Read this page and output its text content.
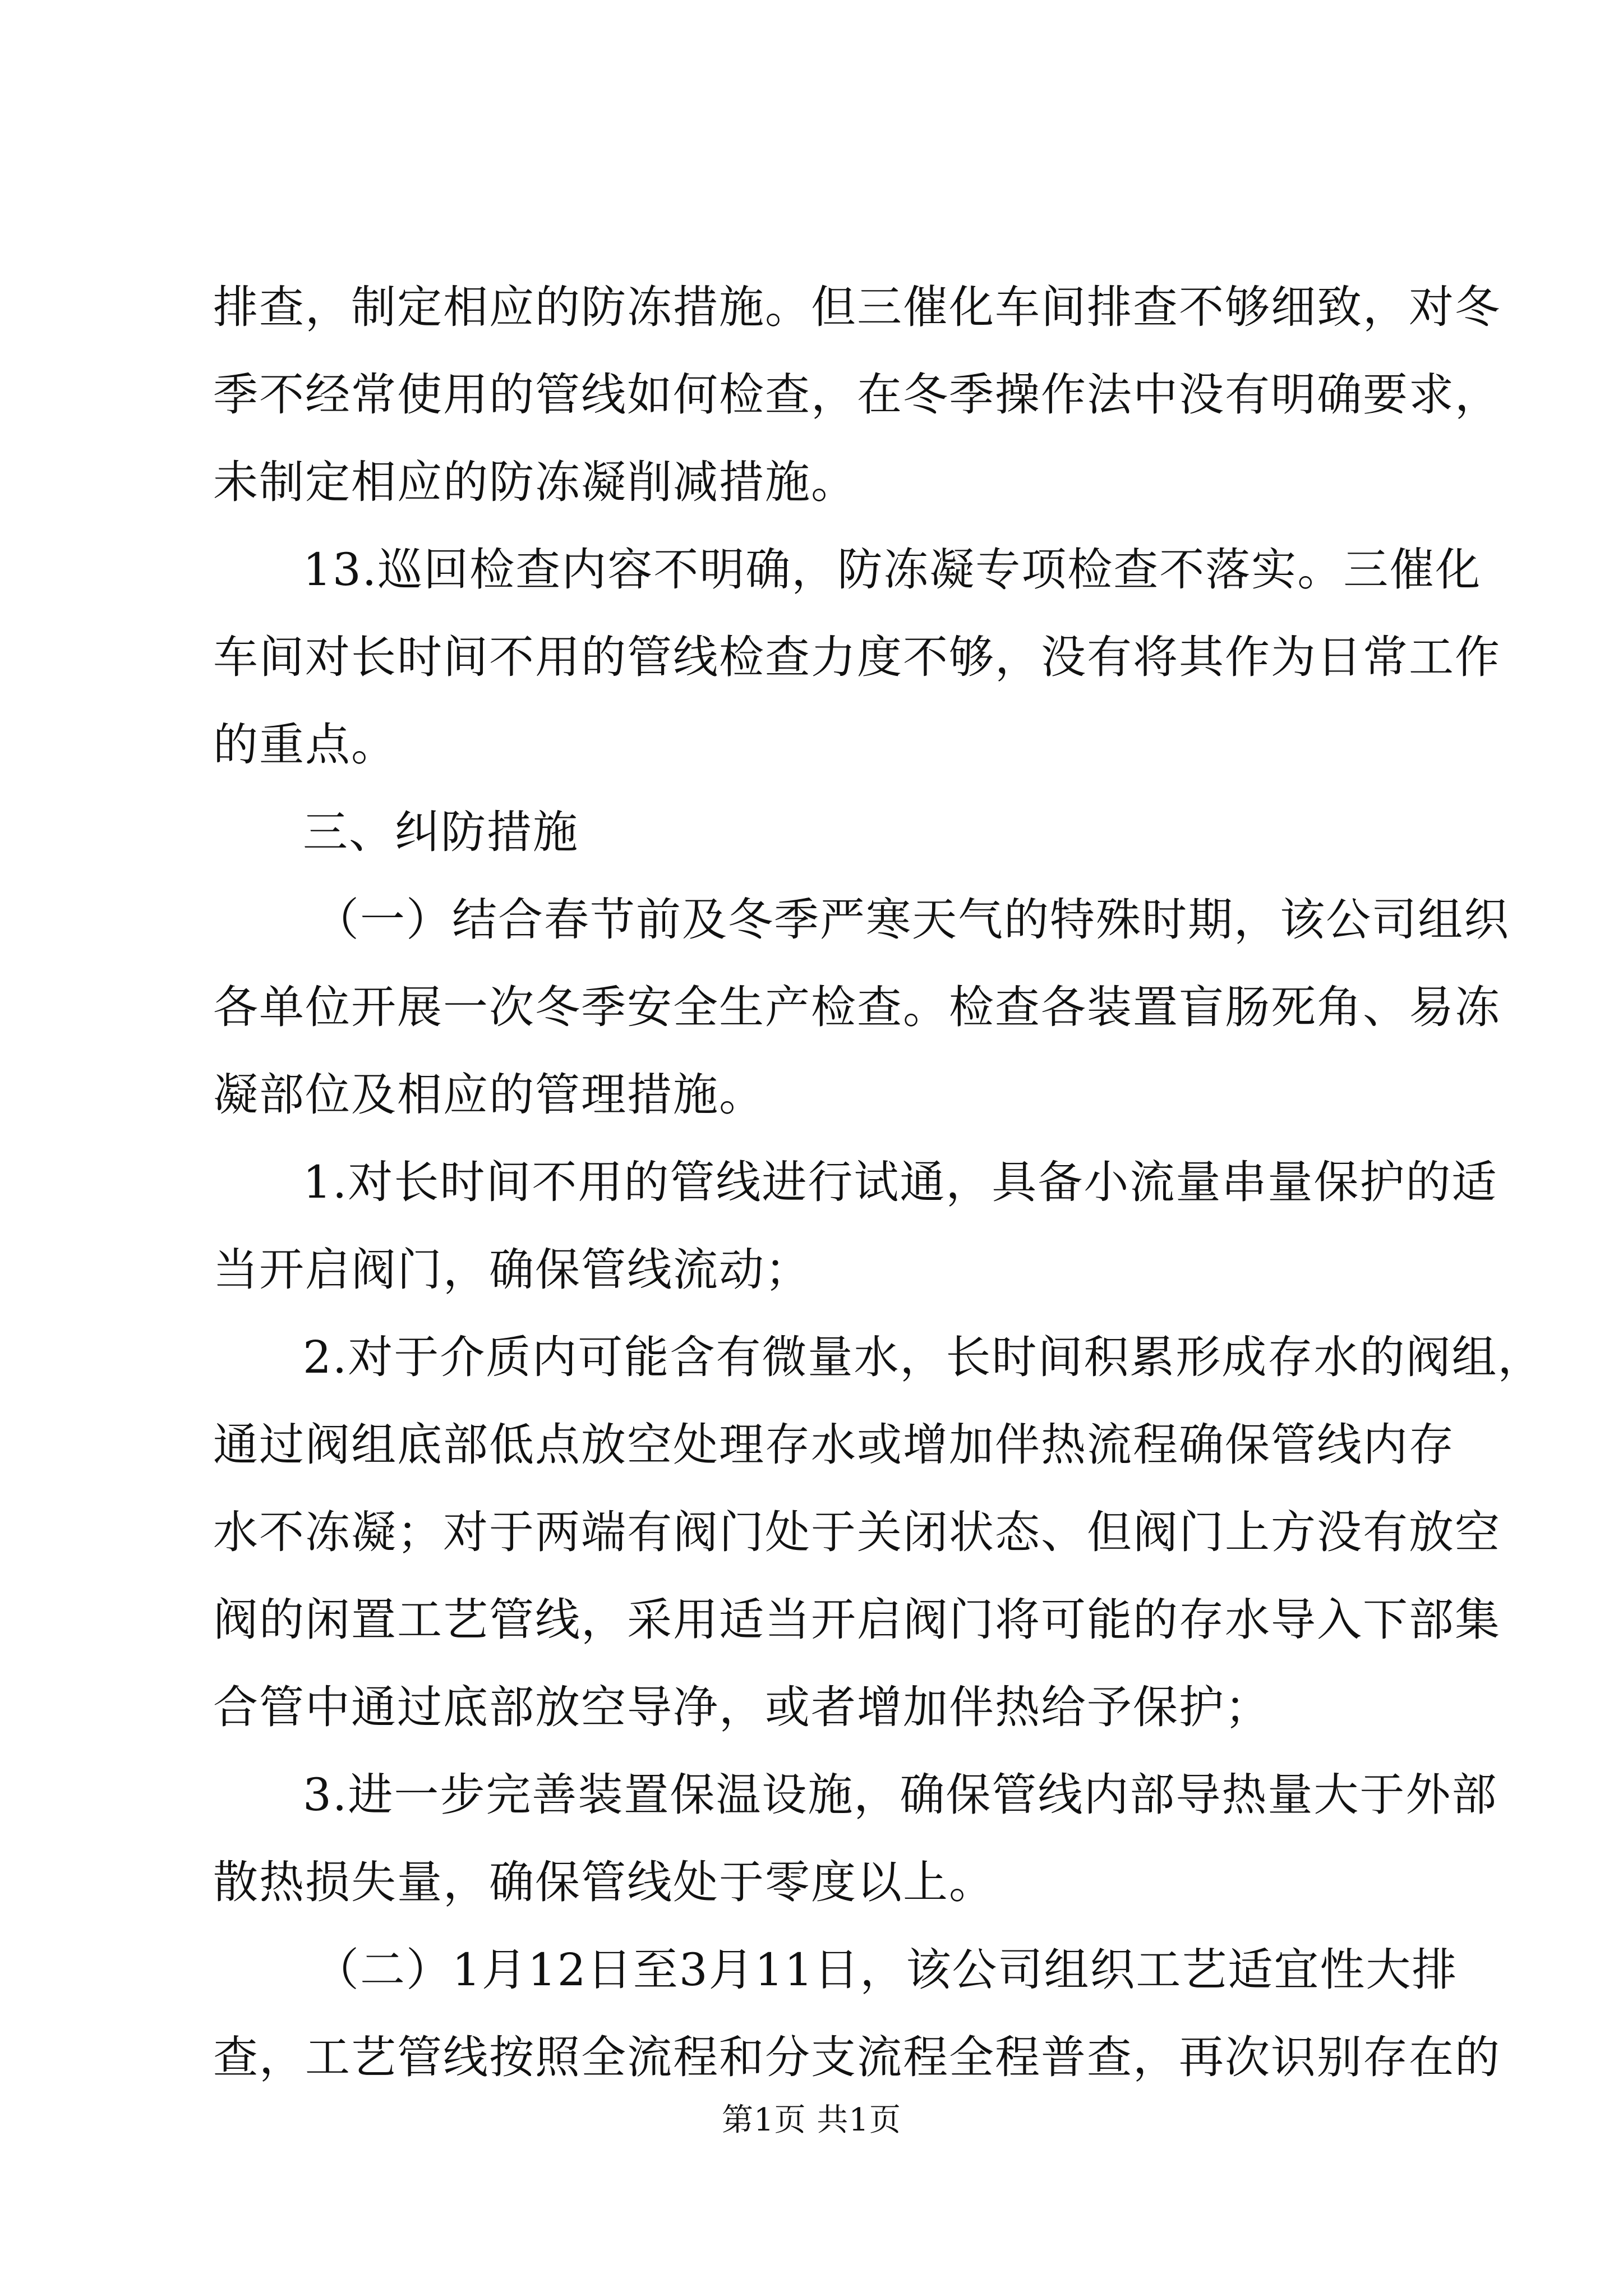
排查，制定相应的防冻措施。但三催化车间排查不够细致，对冬
季不经常使用的管线如何检查，在冬季操作法中没有明确要求，
未制定相应的防冻凝削减措施。
13.巡回检查内容不明确，防冻凝专项检查不落实。三催化
车间对长时间不用的管线检查力度不够，没有将其作为日常工作
的重点。
三、纠防措施
（一）结合春节前及冬季严寒天气的特殊时期，该公司组织
各单位开展一次冬季安全生产检查。检查各装置盲肠死角、易冻
凝部位及相应的管理措施。
1.对长时间不用的管线进行试通，具备小流量串量保护的适
当开启阀门，确保管线流动；
2.对于介质内可能含有微量水，长时间积累形成存水的阀组，
通过阀组底部低点放空处理存水或增加伴热流程确保管线内存
水不冻凝；对于两端有阀门处于关闭状态、但阀门上方没有放空
阀的闲置工艺管线，采用适当开启阀门将可能的存水导入下部集
合管中通过底部放空导净，或者增加伴热给予保护；
3.进一步完善装置保温设施，确保管线内部导热量大于外部
散热损失量，确保管线处于零度以上。
（二）1月12日至3月11日，该公司组织工艺适宜性大排
查，工艺管线按照全流程和分支流程全程普查，再次识别存在的
第1页 共1页
